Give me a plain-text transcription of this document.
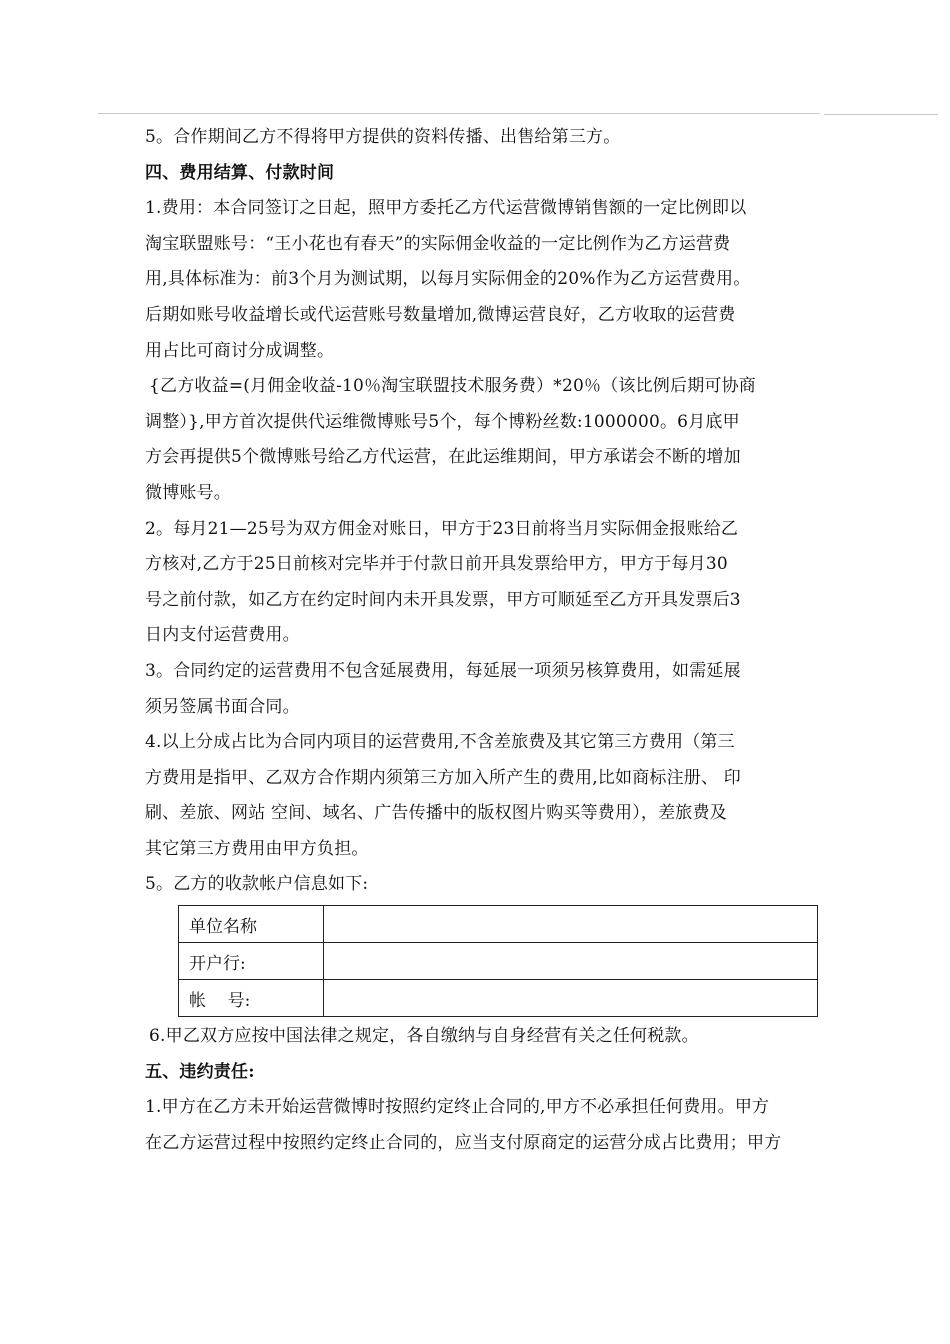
5。合作期间乙方不得将甲方提供的资料传播、出售给第三方。
四、费用结算、付款时间
1.费用：本合同签订之日起，照甲方委托乙方代运营微博销售额的一定比例即以
淘宝联盟账号：“王小花也有春天”的实际佣金收益的一定比例作为乙方运营费
用,具体标准为：前3个月为测试期，以每月实际佣金的20%作为乙方运营费用。
后期如账号收益增长或代运营账号数量增加,微博运营良好，乙方收取的运营费
用占比可商讨分成调整。
{乙方收益=(月佣金收益-10％淘宝联盟技术服务费）*20％（该比例后期可协商
调整）},甲方首次提供代运维微博账号5个，每个博粉丝数:1000000。6月底甲
方会再提供5个微博账号给乙方代运营，在此运维期间，甲方承诺会不断的增加
微博账号。
2。每月21—25号为双方佣金对账日，甲方于23日前将当月实际佣金报账给乙
方核对,乙方于25日前核对完毕并于付款日前开具发票给甲方，甲方于每月30
号之前付款，如乙方在约定时间内未开具发票，甲方可顺延至乙方开具发票后3
日内支付运营费用。
3。合同约定的运营费用不包含延展费用，每延展一项须另核算费用，如需延展
须另签属书面合同。
4.以上分成占比为合同内项目的运营费用,不含差旅费及其它第三方费用（第三
方费用是指甲、乙双方合作期内须第三方加入所产生的费用,比如商标注册、 印
刷、差旅、网站 空间、域名、广告传播中的版权图片购买等费用），差旅费及
其它第三方费用由甲方负担。
5。乙方的收款帐户信息如下:
单位名称	
开户行:	
帐    号:	
6.甲乙双方应按中国法律之规定，各自缴纳与自身经营有关之任何税款。
五、违约责任:
1.甲方在乙方未开始运营微博时按照约定终止合同的,甲方不必承担任何费用。甲方
在乙方运营过程中按照约定终止合同的，应当支付原商定的运营分成占比费用；甲方
